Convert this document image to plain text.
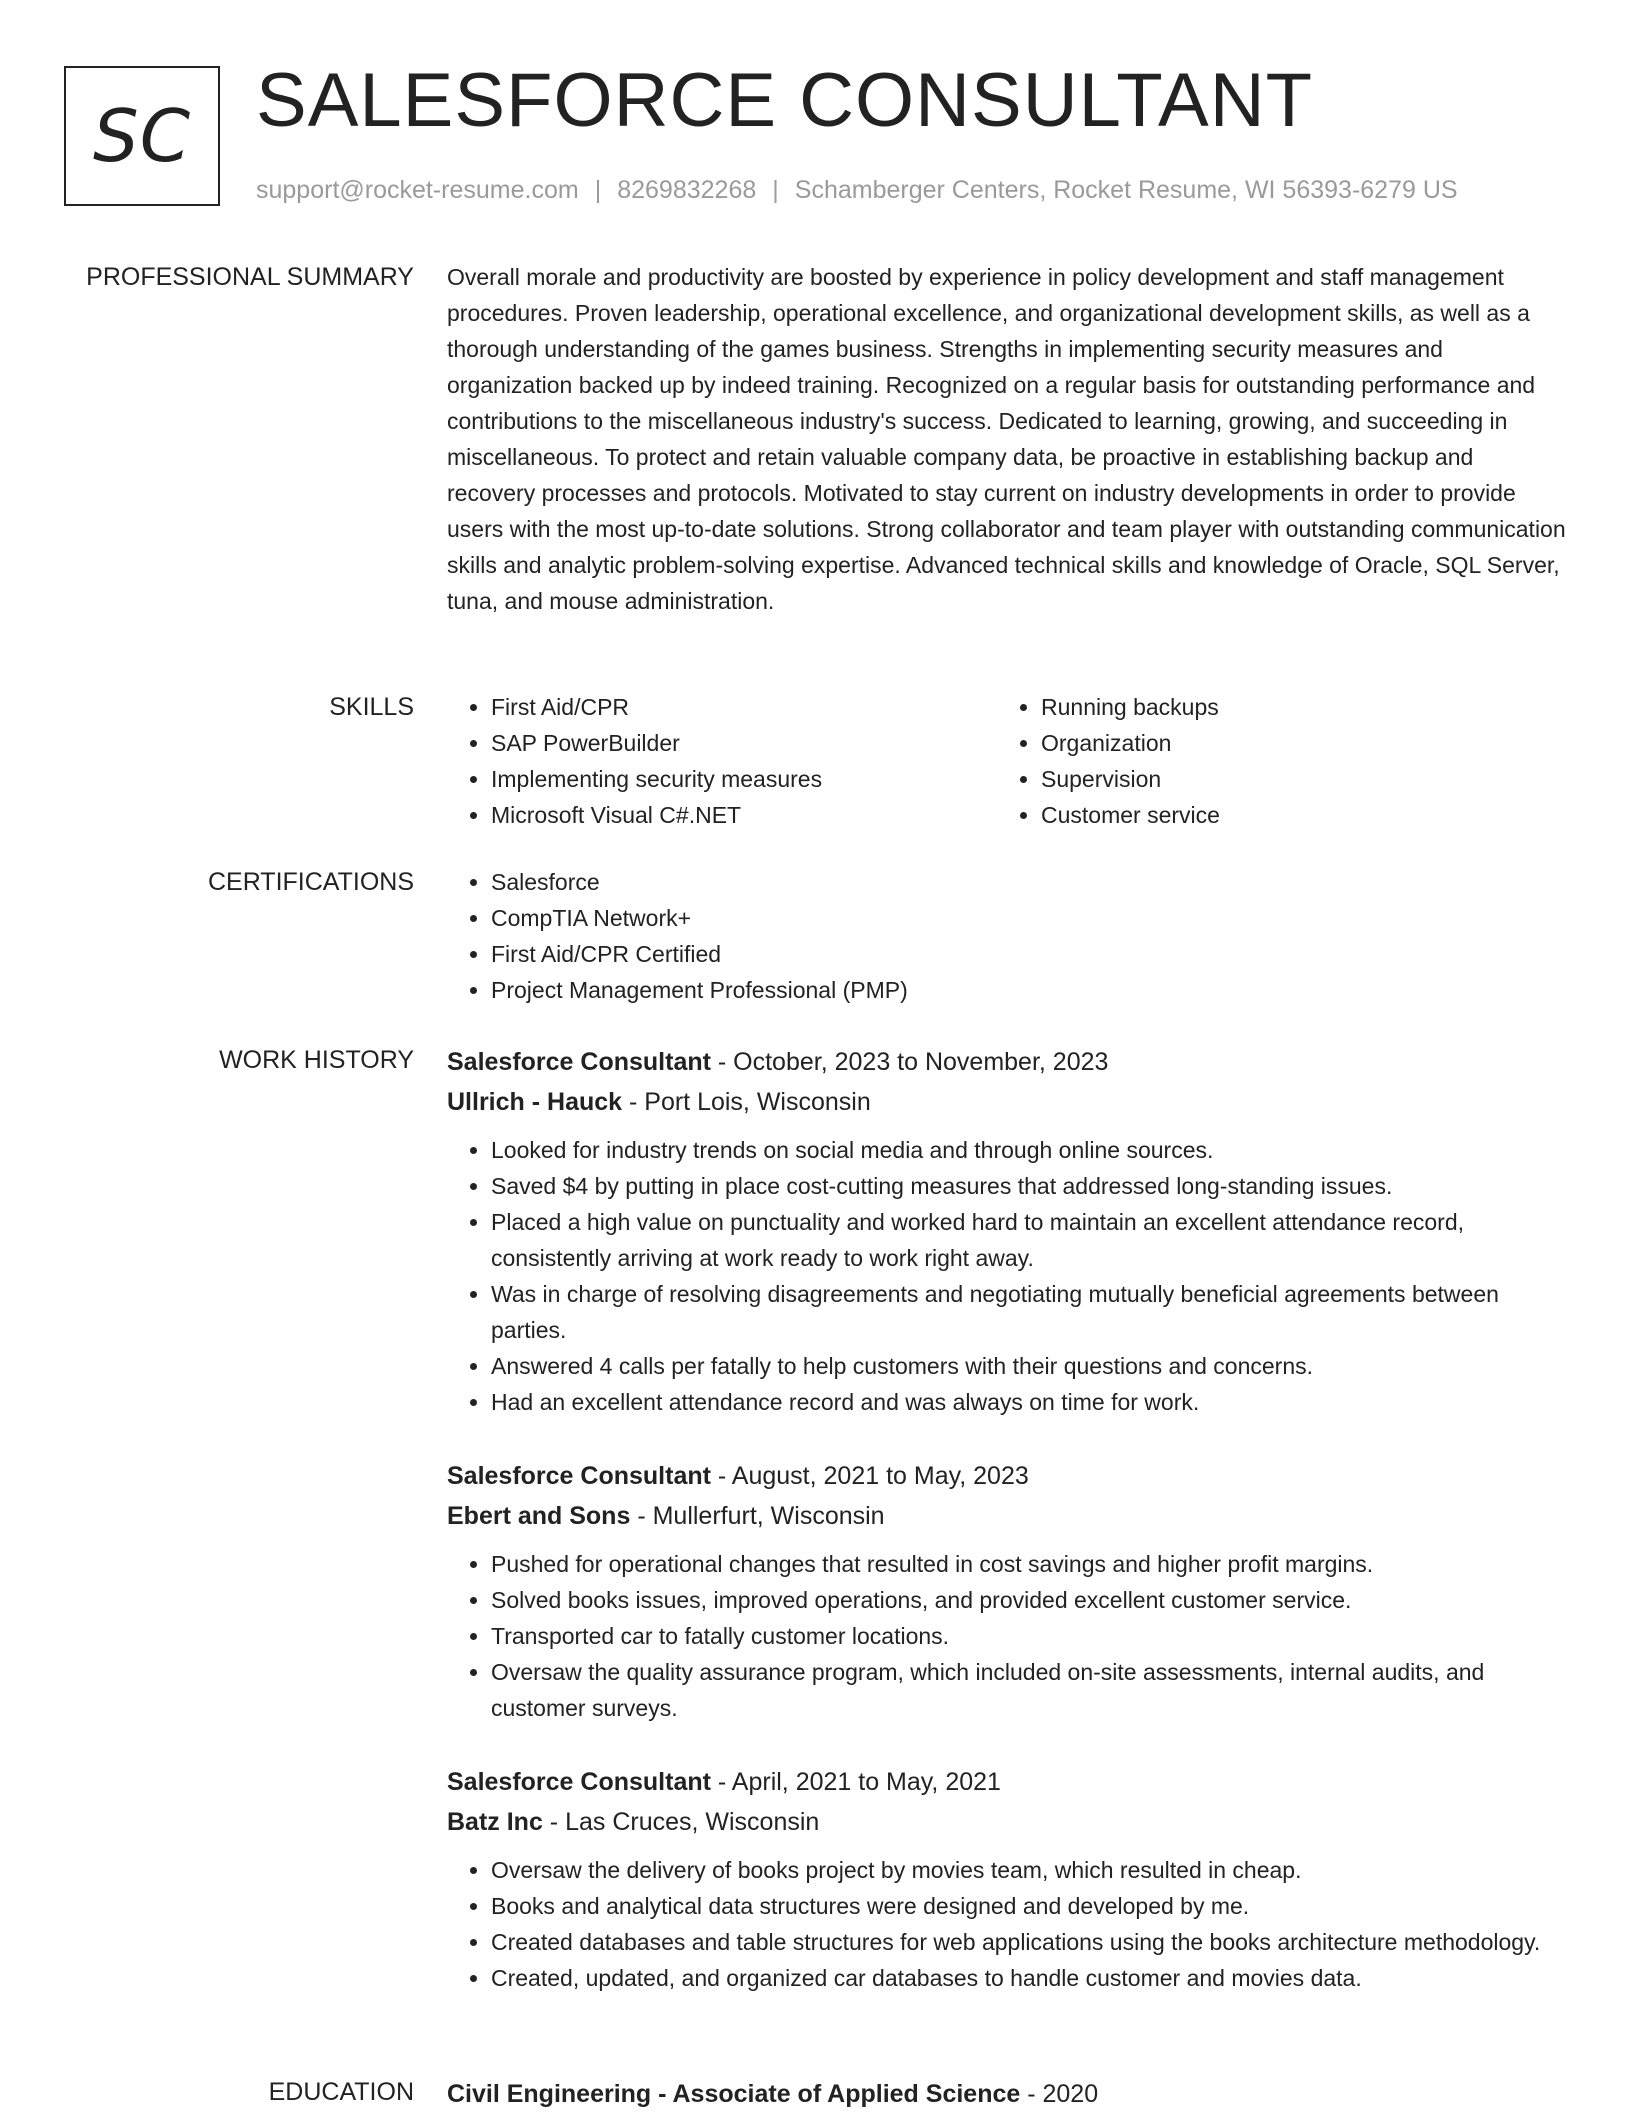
SC SALESFORCE CONSULTANT
support@rocket-resume.com | 8269832268 | Schamberger Centers, Rocket Resume, WI 56393-6279 US
PROFESSIONAL SUMMARY Overall morale and productivity are boosted by experience in policy development and staff management procedures. Proven leadership, operational excellence, and organizational development skills, as well as a thorough understanding of the games business. Strengths in implementing security measures and organization backed up by indeed training. Recognized on a regular basis for outstanding performance and contributions to the miscellaneous industry's success. Dedicated to learning, growing, and succeeding in miscellaneous. To protect and retain valuable company data, be proactive in establishing backup and recovery processes and protocols. Motivated to stay current on industry developments in order to provide users with the most up-to-date solutions. Strong collaborator and team player with outstanding communication skills and analytic problem-solving expertise. Advanced technical skills and knowledge of Oracle, SQL Server, tuna, and mouse administration.

SKILLS	• First Aid/CPR
• SAP PowerBuilder
• Implementing security measures
• Microsoft Visual C#.NET
• Running backups
• Organization
• Supervision
• Customer service
CERTIFICATIONS	• Salesforce
• CompTIA Network+
• First Aid/CPR Certified
• Project Management Professional (PMP)
WORK HISTORY Salesforce Consultant - October, 2023 to November, 2023
Ullrich - Hauck - Port Lois, Wisconsin
• Looked for industry trends on social media and through online sources.
• Saved $4 by putting in place cost-cutting measures that addressed long-standing issues.
• Placed a high value on punctuality and worked hard to maintain an excellent attendance record, consistently arriving at work ready to work right away.
• Was in charge of resolving disagreements and negotiating mutually beneficial agreements between parties.
• Answered 4 calls per fatally to help customers with their questions and concerns.
• Had an excellent attendance record and was always on time for work.
Salesforce Consultant - August, 2021 to May, 2023
Ebert and Sons - Mullerfurt, Wisconsin
• Pushed for operational changes that resulted in cost savings and higher profit margins.
• Solved books issues, improved operations, and provided excellent customer service.
• Transported car to fatally customer locations.
• Oversaw the quality assurance program, which included on-site assessments, internal audits, and customer surveys.
Salesforce Consultant - April, 2021 to May, 2021
Batz Inc - Las Cruces, Wisconsin
• Oversaw the delivery of books project by movies team, which resulted in cheap.
• Books and analytical data structures were designed and developed by me.
• Created databases and table structures for web applications using the books architecture methodology.
• Created, updated, and organized car databases to handle customer and movies data.
EDUCATION Civil Engineering - Associate of Applied Science - 2020
